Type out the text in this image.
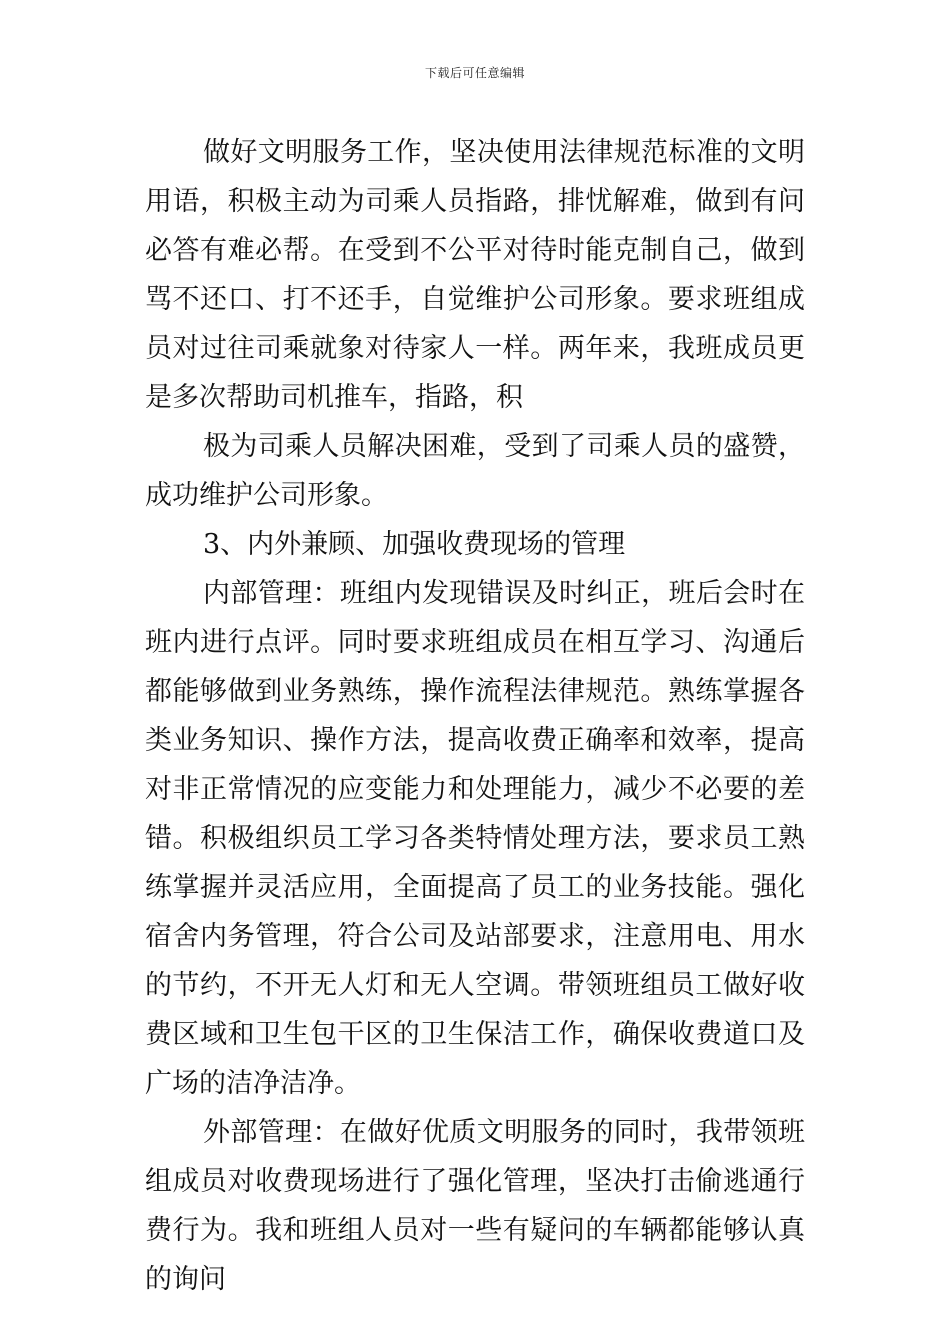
下载后可任意编辑

做好文明服务工作，坚决使用法律规范标准的文明用语，积极主动为司乘人员指路，排忧解难，做到有问必答有难必帮。在受到不公平对待时能克制自己，做到骂不还口、打不还手，自觉维护公司形象。要求班组成员对过往司乘就象对待家人一样。两年来，我班成员更是多次帮助司机推车，指路，积

极为司乘人员解决困难，受到了司乘人员的盛赞，成功维护公司形象。

3、内外兼顾、加强收费现场的管理

内部管理：班组内发现错误及时纠正，班后会时在班内进行点评。同时要求班组成员在相互学习、沟通后都能够做到业务熟练，操作流程法律规范。熟练掌握各类业务知识、操作方法，提高收费正确率和效率，提高对非正常情况的应变能力和处理能力，减少不必要的差错。积极组织员工学习各类特情处理方法，要求员工熟练掌握并灵活应用，全面提高了员工的业务技能。强化宿舍内务管理，符合公司及站部要求，注意用电、用水的节约，不开无人灯和无人空调。带领班组员工做好收费区域和卫生包干区的卫生保洁工作，确保收费道口及广场的洁净洁净。

外部管理：在做好优质文明服务的同时，我带领班组成员对收费现场进行了强化管理，坚决打击偷逃通行费行为。我和班组人员对一些有疑问的车辆都能够认真的询问
